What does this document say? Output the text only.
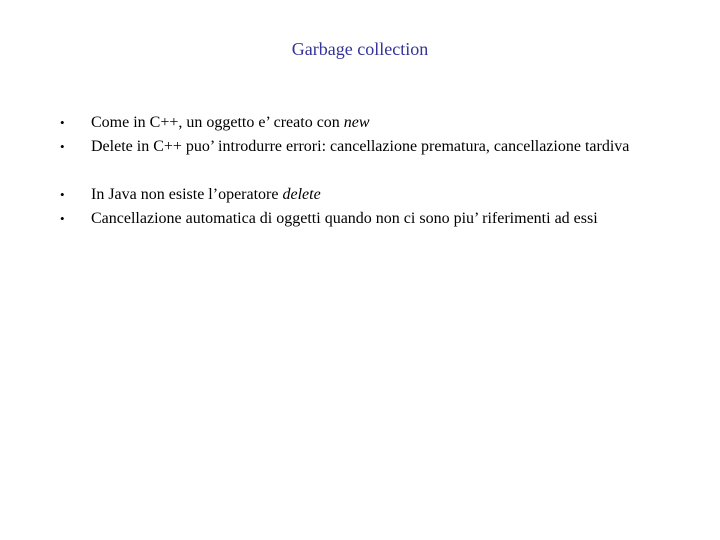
Garbage collection
• Come in C++, un oggetto e’ creato con new
• Delete in C++ puo’ introdurre errori: cancellazione prematura, cancellazione tardiva
• In Java non esiste l’operatore delete
• Cancellazione automatica di oggetti quando non ci sono piu’ riferimenti ad essi
